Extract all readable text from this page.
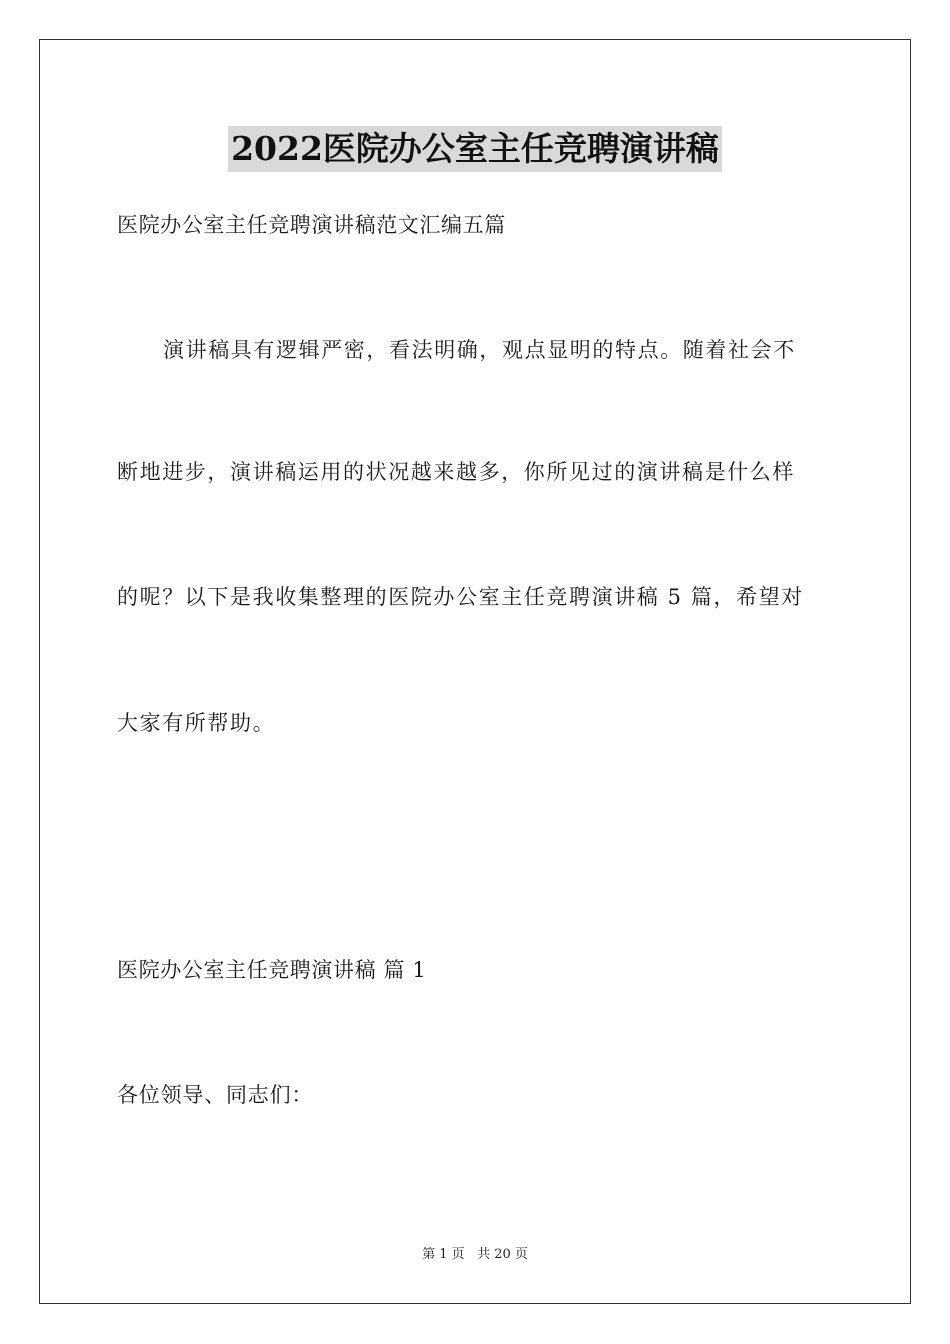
2022医院办公室主任竞聘演讲稿
医院办公室主任竞聘演讲稿范文汇编五篇
演讲稿具有逻辑严密，看法明确，观点显明的特点。随着社会不
断地进步，演讲稿运用的状况越来越多，你所见过的演讲稿是什么样
的呢？以下是我收集整理的医院办公室主任竞聘演讲稿 5 篇，希望对
大家有所帮助。
医院办公室主任竞聘演讲稿 篇 1
各位领导、同志们：
第 1 页 共 20 页
